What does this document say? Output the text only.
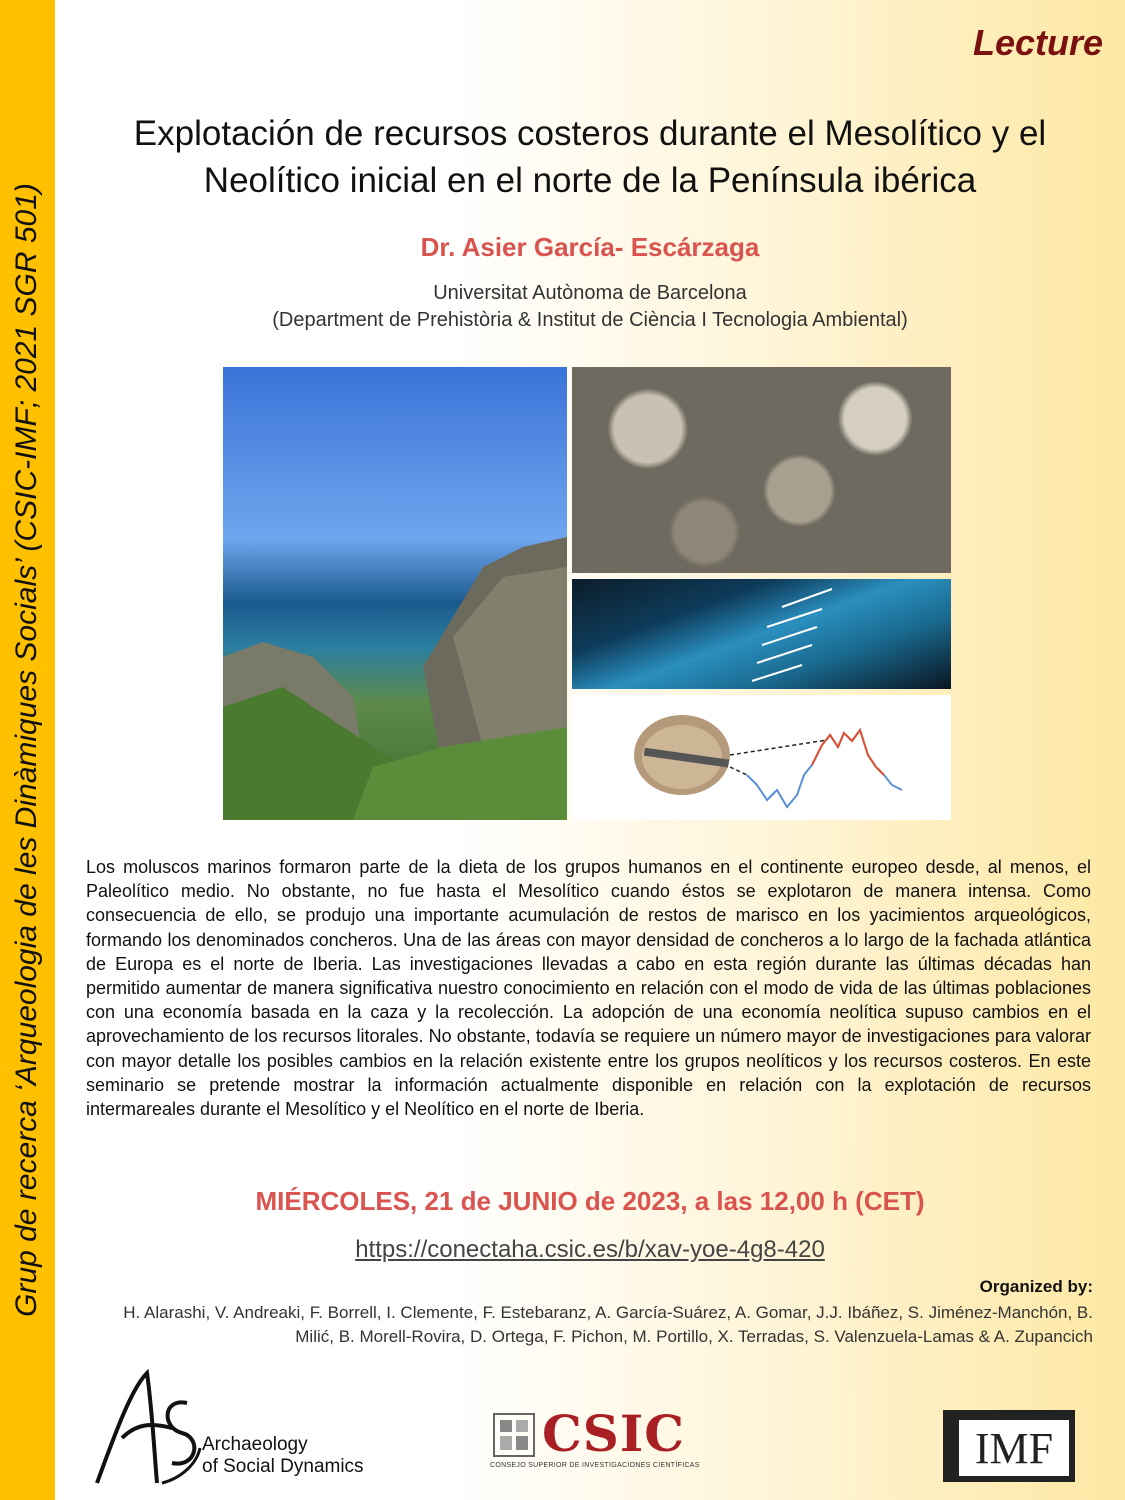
Grup de recerca ‘Arqueologia de les Dinàmiques Socials’ (CSIC-IMF; 2021 SGR 501)
Lecture
Explotación de recursos costeros durante el Mesolítico y el
Neolítico inicial en el norte de la Península ibérica
Dr. Asier García- Escárzaga
Universitat Autònoma de Barcelona
(Department de Prehistòria & Institut de Ciència I Tecnologia Ambiental)
Los moluscos marinos formaron parte de la dieta de los grupos humanos en el continente europeo desde, al menos, el Paleolítico medio. No obstante, no fue hasta el Mesolítico cuando éstos se explotaron de manera intensa. Como consecuencia de ello, se produjo una importante acumulación de restos de marisco en los yacimientos arqueológicos, formando los denominados concheros. Una de las áreas con mayor densidad de concheros a lo largo de la fachada atlántica de Europa es el norte de Iberia. Las investigaciones llevadas a cabo en esta región durante las últimas décadas han permitido aumentar de manera significativa nuestro conocimiento en relación con el modo de vida de las últimas poblaciones con una economía basada en la caza y la recolección. La adopción de una economía neolítica supuso cambios en el aprovechamiento de los recursos litorales. No obstante, todavía se requiere un número mayor de investigaciones para valorar con mayor detalle los posibles cambios en la relación existente entre los grupos neolíticos y los recursos costeros. En este seminario se pretende mostrar la información actualmente disponible en relación con la explotación de recursos intermareales durante el Mesolítico y el Neolítico en el norte de Iberia.
MIÉRCOLES, 21 de JUNIO de 2023, a las 12,00 h (CET)
https://conectaha.csic.es/b/xav-yoe-4g8-420
Organized by:
H. Alarashi, V. Andreaki, F. Borrell, I. Clemente, F. Estebaranz, A. García-Suárez, A. Gomar, J.J. Ibáñez, S. Jiménez-Manchón, B. Milić, B. Morell-Rovira, D. Ortega, F. Pichon, M. Portillo, X. Terradas, S. Valenzuela-Lamas & A. Zupancich
Archaeology
of Social Dynamics
CSIC
CONSEJO SUPERIOR DE INVESTIGACIONES CIENTÍFICAS	IMF
